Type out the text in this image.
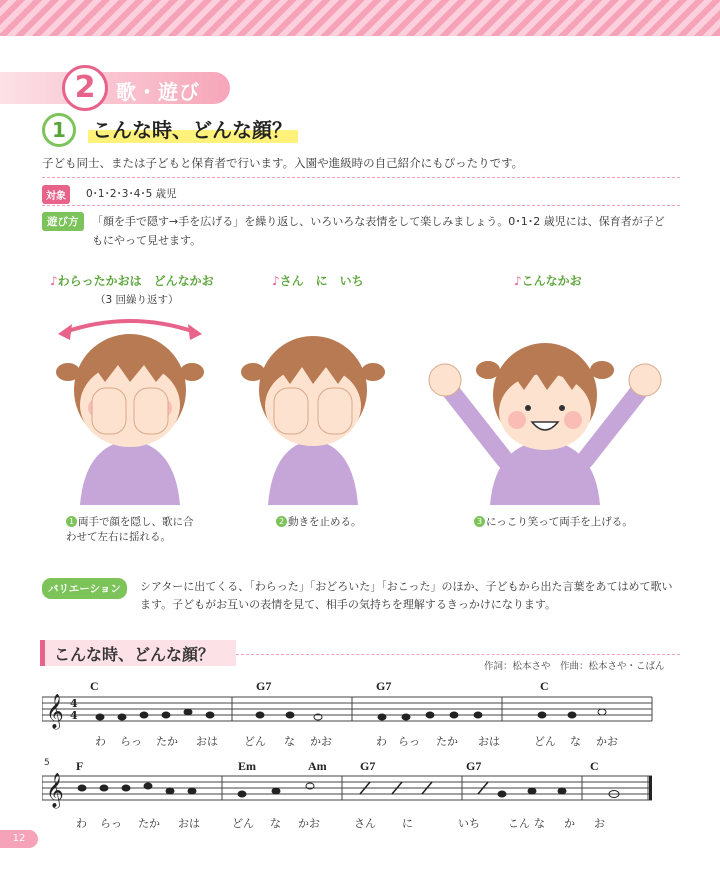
2	歌・遊び
1	こんな時、どんな顔？
子ども同士、または子どもと保育者で行います。入園や進級時の自己紹介にもぴったりです。
対象	0･1･2･3･4･5 歳児
遊び方	「顔を手で隠す→手を広げる」を繰り返し、いろいろな表情をして楽しみましょう。0･1･2 歳児には、保育者が子どもにやって見せます。
♪わらったかおは　どんなかお
（3 回繰り返す）
♪さん　に　いち	♪こんなかお
1 両手で顔を隠し、歌に合
わせて左右に揺れる。
2 動きを止める。	3 にっこり笑って両手を上げる。
バリエーション	シアターに出てくる、「わらった」「おどろいた」「おこった」のほか、子どもから出た言葉をあてはめて歌います。子どもがお互いの表情を見て、相手の気持ちを理解するきっかけになります。
こんな時、どんな顔？
作詞：松本さや　作曲：松本さや・こばん
𝄞 4
4
C	G7	G7	C
わ らっ たか おは どん な かお	わ らっ たか おは	どん な かお
5
𝄞
F	Em	Am	G7	G7	C
わ らっ たか おは	どん な かお	さん に	いち	こん な か お
12
